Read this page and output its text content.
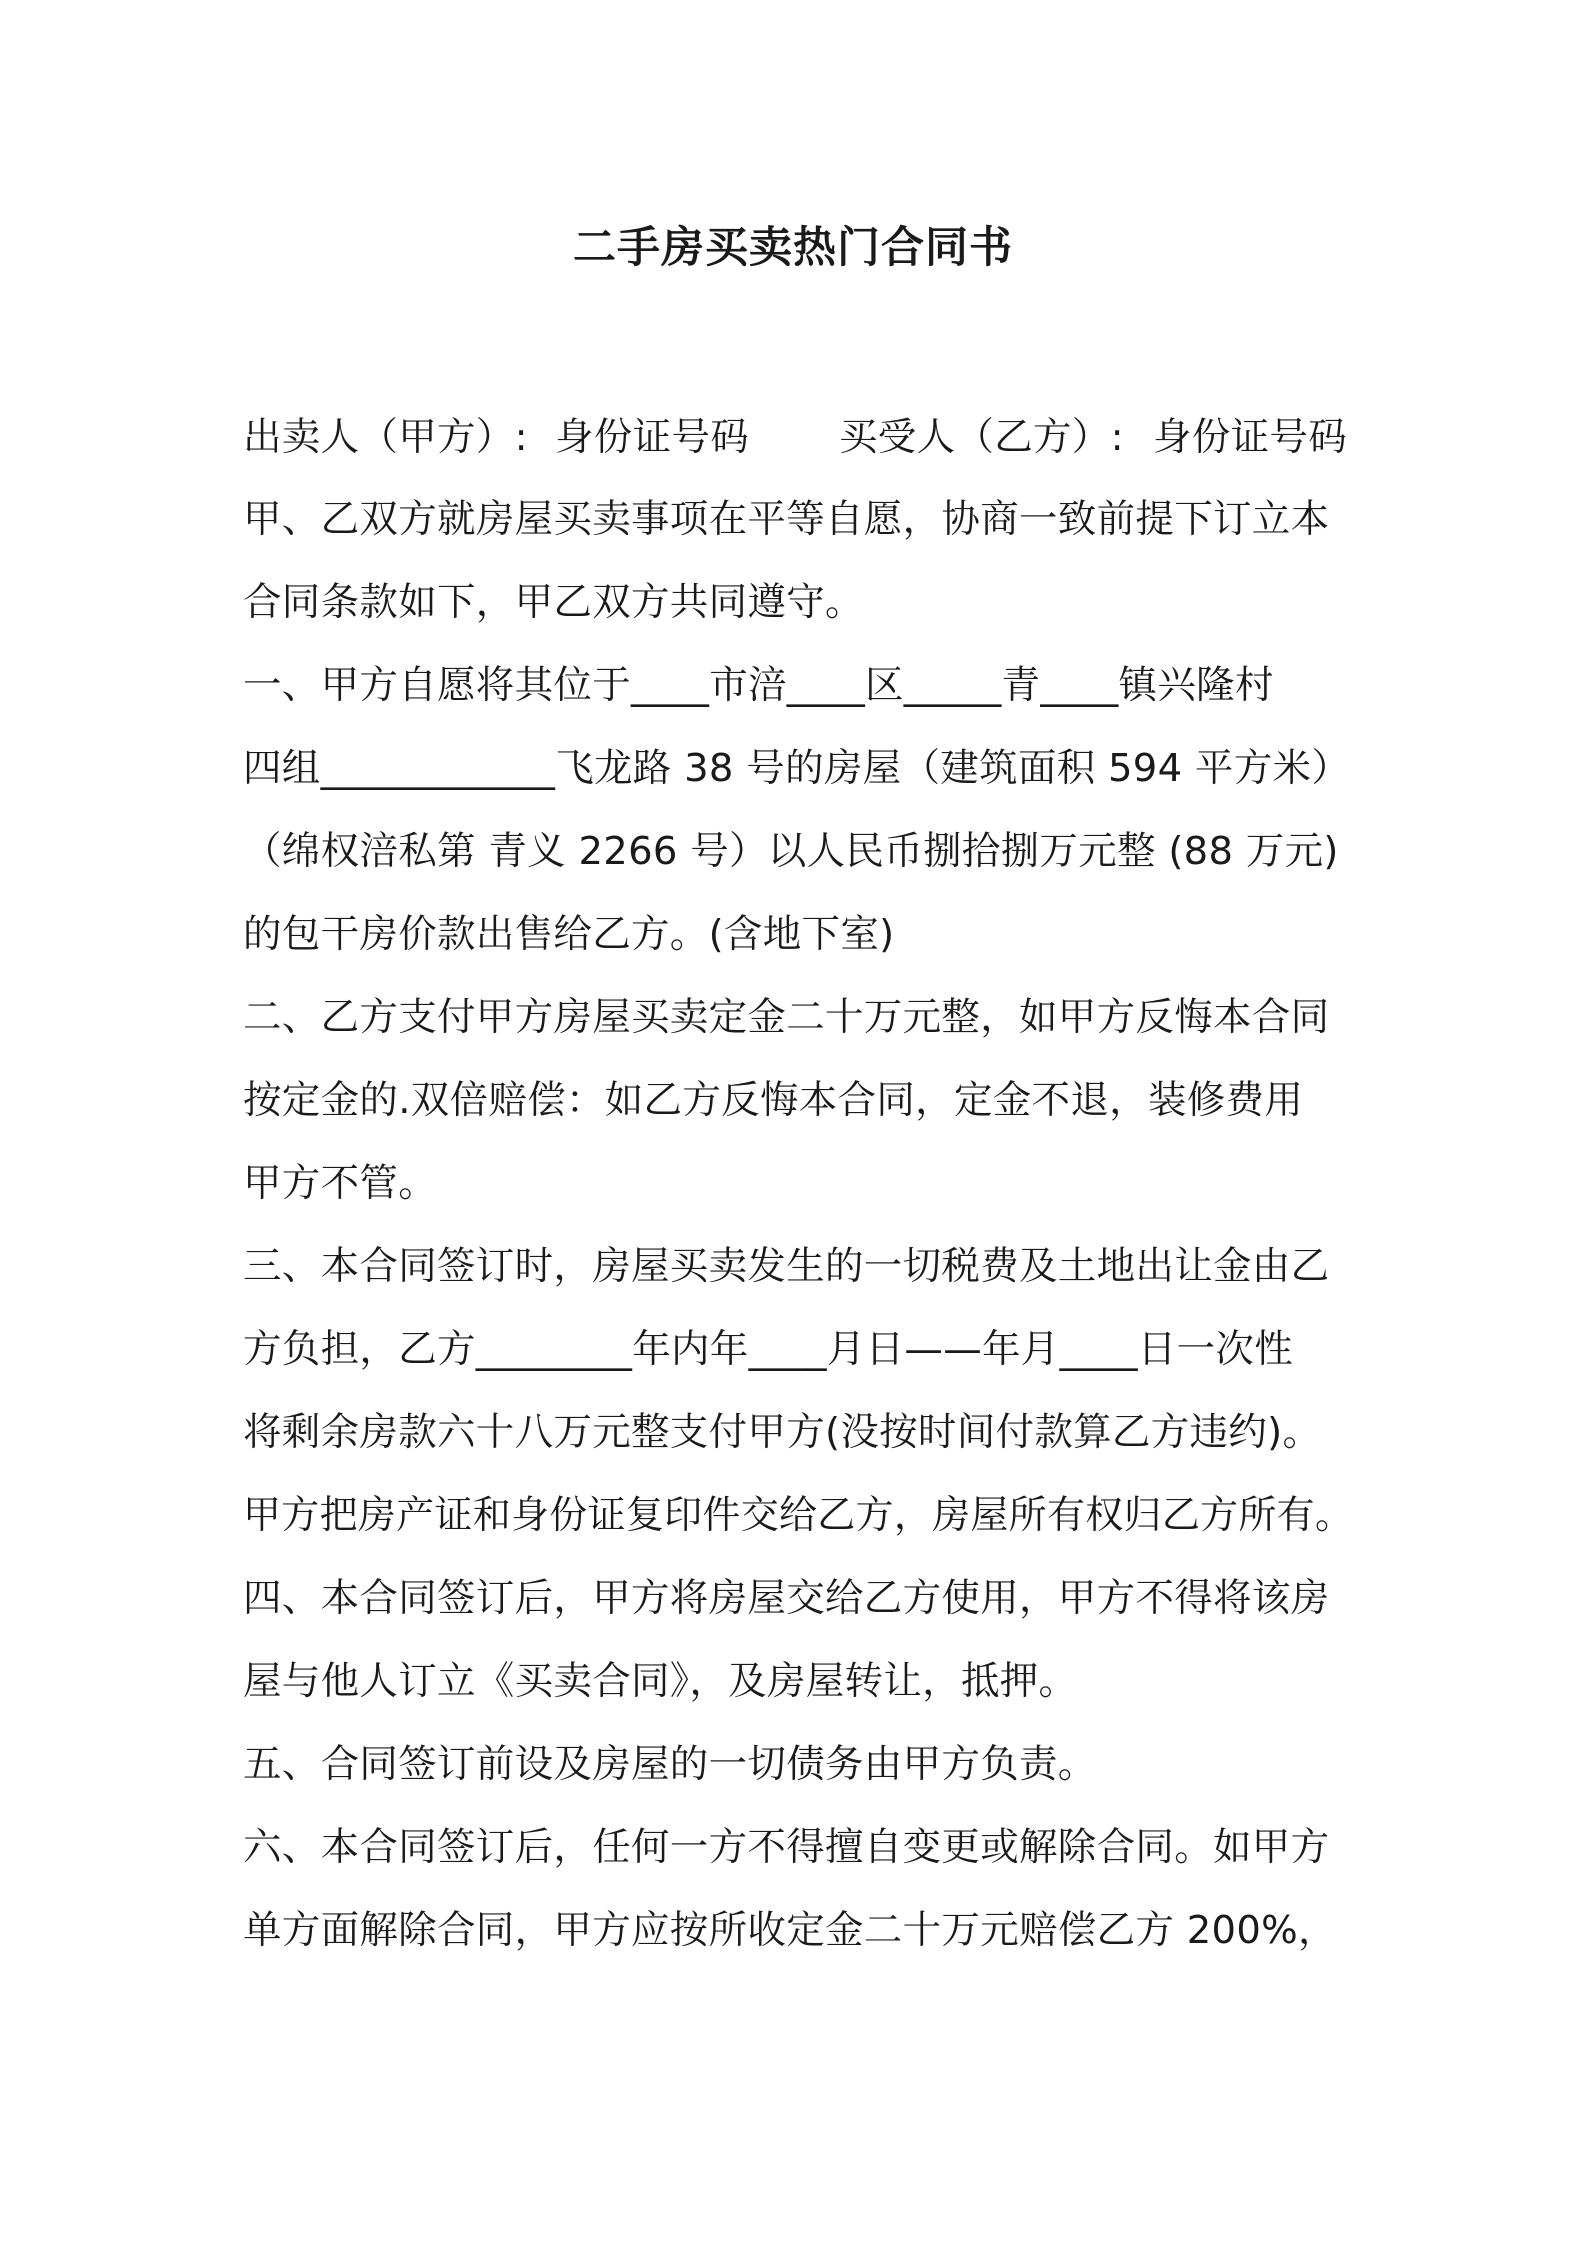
二手房买卖热门合同书
出卖人（甲方）: 身份证号码 买受人（乙方）: 身份证号码
甲、乙双方就房屋买卖事项在平等自愿，协商一致前提下订立本
合同条款如下，甲乙双方共同遵守。
一、甲方自愿将其位于____市涪____区_____青____镇兴隆村
四组____________飞龙路 38 号的房屋（建筑面积 594 平方米）
（绵权涪私第 青义 2266 号）以人民币捌拾捌万元整 (88 万元)
的包干房价款出售给乙方。(含地下室)
二、乙方支付甲方房屋买卖定金二十万元整，如甲方反悔本合同
按定金的.双倍赔偿：如乙方反悔本合同，定金不退，装修费用
甲方不管。
三、本合同签订时，房屋买卖发生的一切税费及土地出让金由乙
方负担，乙方________年内年____月日——年月____日一次性
将剩余房款六十八万元整支付甲方(没按时间付款算乙方违约)。
甲方把房产证和身份证复印件交给乙方，房屋所有权归乙方所有。
四、本合同签订后，甲方将房屋交给乙方使用，甲方不得将该房
屋与他人订立《买卖合同》，及房屋转让，抵押。
五、合同签订前设及房屋的一切债务由甲方负责。
六、本合同签订后，任何一方不得擅自变更或解除合同。如甲方
单方面解除合同，甲方应按所收定金二十万元赔偿乙方 200%，
